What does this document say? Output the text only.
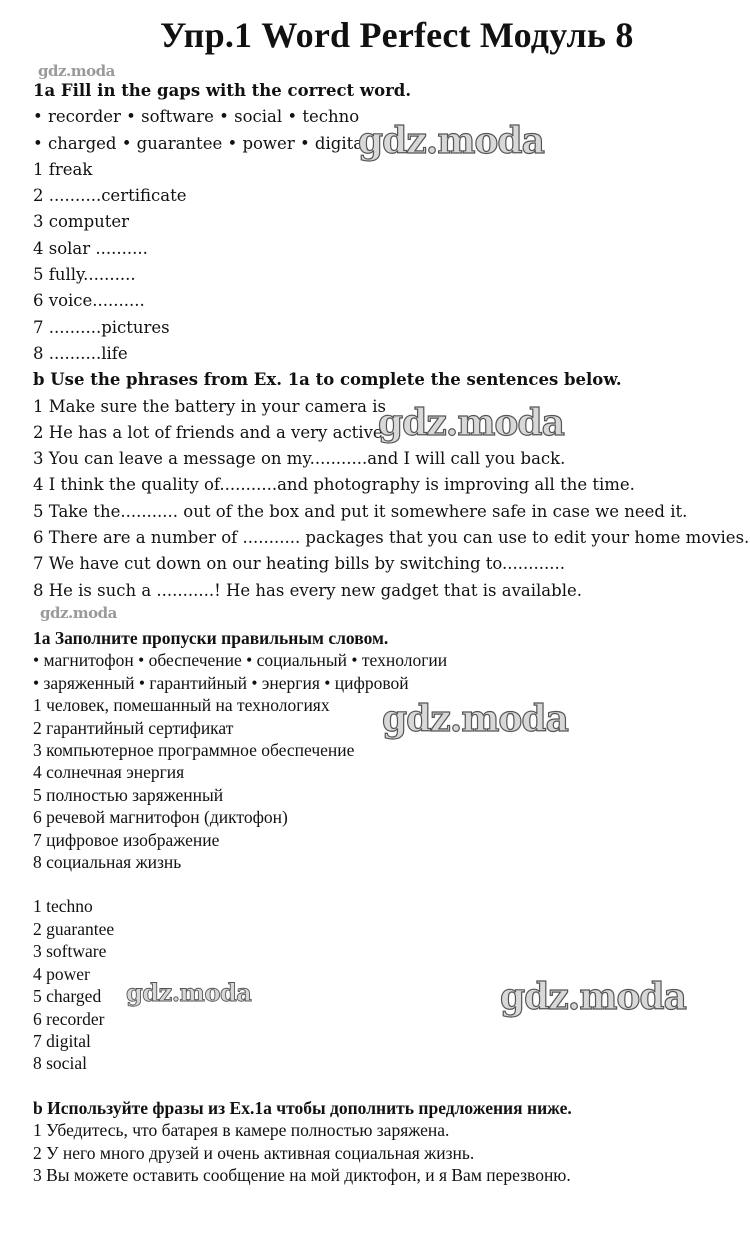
Упр.1 Word Perfect Модуль 8
gdz.moda
1a Fill in the gaps with the correct word.
• recorder • software • social • techno
• charged • guarantee • power • digital
1 freak
2 ..........certificate
3 computer
4 solar ..........
5 fully..........
6 voice..........
7 ..........pictures
8 ..........life
b Use the phrases from Ex. 1a to complete the sentences below.
1 Make sure the battery in your camera is
2 He has a lot of friends and a very active
3 You can leave a message on my...........and I will call you back.
4 I think the quality of...........and photography is improving all the time.
5 Take the........... out of the box and put it somewhere safe in case we need it.
6 There are a number of ........... packages that you can use to edit your home movies.
7 We have cut down on our heating bills by switching to............
8 He is such a ...........! He has every new gadget that is available.
gdz.moda
gdz.moda
gdz.moda
1a Заполните пропуски правильным словом.
• магнитофон • обеспечение • социальный • технологии
• заряженный • гарантийный • энергия • цифровой
1 человек, помешанный на технологиях
2 гарантийный сертификат
3 компьютерное программное обеспечение
4 солнечная энергия
5 полностью заряженный
6 речевой магнитофон (диктофон)
7 цифровое изображение
8 социальная жизнь
1 techno
2 guarantee
3 software
4 power
5 charged
6 recorder
7 digital
8 social
b Используйте фразы из Ex.1a чтобы дополнить предложения ниже.
1 Убедитесь, что батарея в камере полностью заряжена.
2 У него много друзей и очень активная социальная жизнь.
3 Вы можете оставить сообщение на мой диктофон, и я Вам перезвоню.
gdz.moda
gdz.moda	gdz.moda
